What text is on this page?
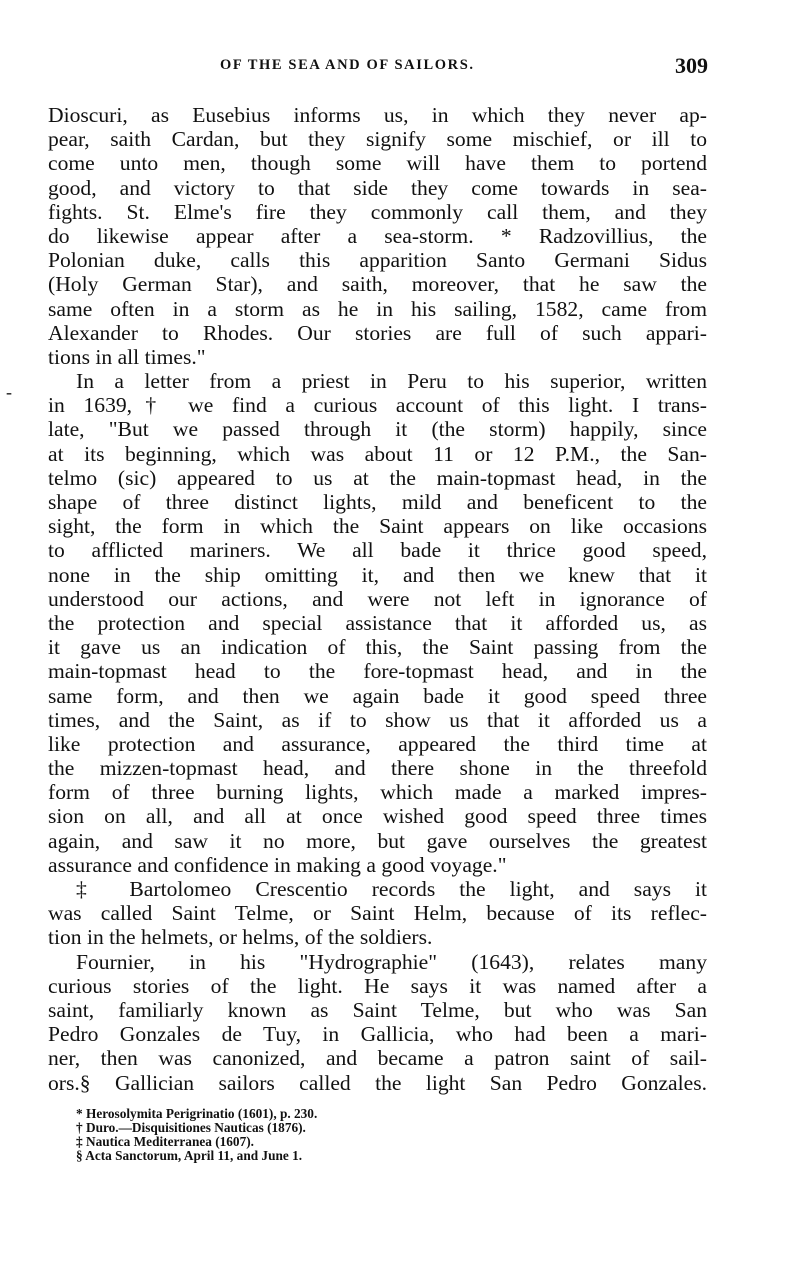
OF THE SEA AND OF SAILORS.	309
-
Dioscuri, as Eusebius informs us, in which they never ap-
pear, saith Cardan, but they signify some mischief, or ill to
come unto men, though some will have them to portend
good, and victory to that side they come towards in sea-
fights. St. Elme's fire they commonly call them, and they
do likewise appear after a sea-storm. * Radzovillius, the
Polonian duke, calls this apparition Santo Germani Sidus
(Holy German Star), and saith, moreover, that he saw the
same often in a storm as he in his sailing, 1582, came from
Alexander to Rhodes. Our stories are full of such appari-
tions in all times."
In a letter from a priest in Peru to his superior, written
in 1639,† we find a curious account of this light. I trans-
late, "But we passed through it (the storm) happily, since
at its beginning, which was about 11 or 12 P.M., the San-
telmo (sic) appeared to us at the main-topmast head, in the
shape of three distinct lights, mild and beneficent to the
sight, the form in which the Saint appears on like occasions
to afflicted mariners. We all bade it thrice good speed,
none in the ship omitting it, and then we knew that it
understood our actions, and were not left in ignorance of
the protection and special assistance that it afforded us, as
it gave us an indication of this, the Saint passing from the
main-topmast head to the fore-topmast head, and in the
same form, and then we again bade it good speed three
times, and the Saint, as if to show us that it afforded us a
like protection and assurance, appeared the third time at
the mizzen-topmast head, and there shone in the threefold
form of three burning lights, which made a marked impres-
sion on all, and all at once wished good speed three times
again, and saw it no more, but gave ourselves the greatest
assurance and confidence in making a good voyage."
‡ Bartolomeo Crescentio records the light, and says it
was called Saint Telme, or Saint Helm, because of its reflec-
tion in the helmets, or helms, of the soldiers.
Fournier, in his "Hydrographie" (1643), relates many
curious stories of the light. He says it was named after a
saint, familiarly known as Saint Telme, but who was San
Pedro Gonzales de Tuy, in Gallicia, who had been a mari-
ner, then was canonized, and became a patron saint of sail-
ors.§ Gallician sailors called the light San Pedro Gonzales.
* Herosolymita Perigrinatio (1601), p. 230.
† Duro.—Disquisitiones Nauticas (1876).
‡ Nautica Mediterranea (1607).
§ Acta Sanctorum, April 11, and June 1.
